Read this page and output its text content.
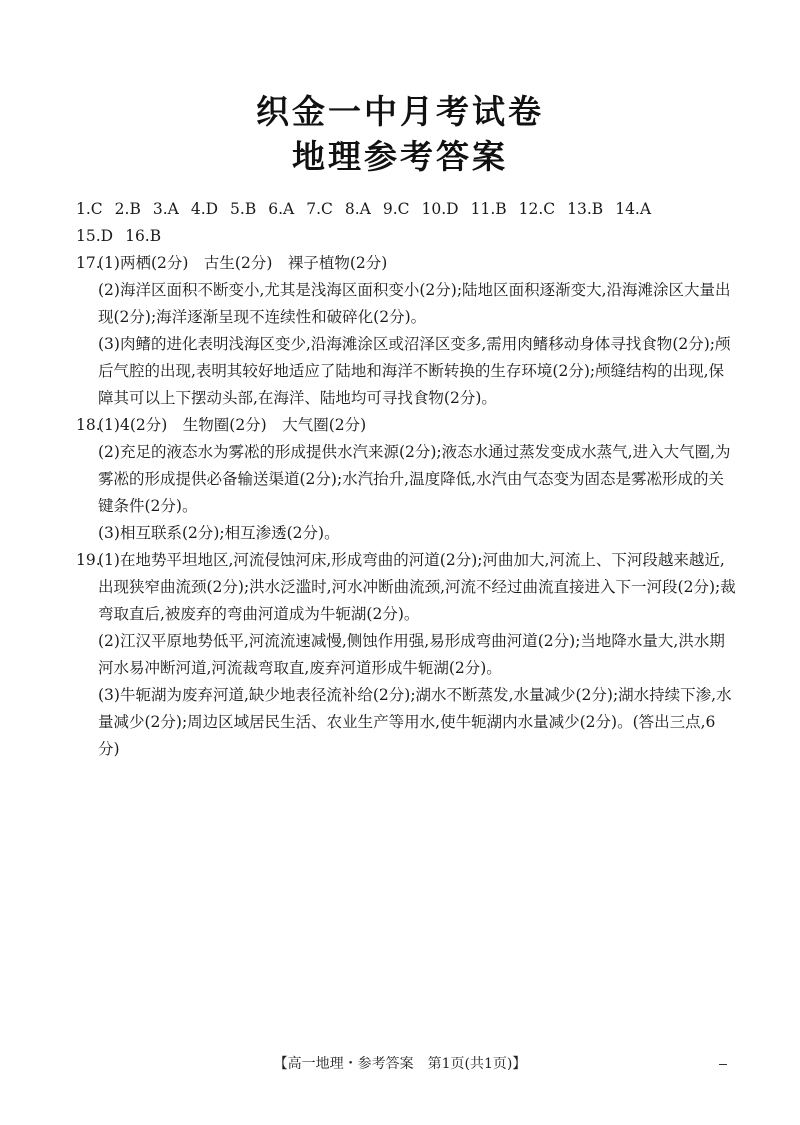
织金一中月考试卷
地理参考答案
1.C 2.B 3.A 4.D 5.B 6.A 7.C 8.A 9.C 10.D 11.B 12.C 13.B 14.A
15.D 16.B
17.(1)两栖(2分)　古生(2分)　裸子植物(2分)
(2)海洋区面积不断变小,尤其是浅海区面积变小(2分);陆地区面积逐渐变大,沿海滩涂区大量出现(2分);海洋逐渐呈现不连续性和破碎化(2分)。
(3)肉鳍的进化表明浅海区变少,沿海滩涂区或沼泽区变多,需用肉鳍移动身体寻找食物(2分);颅后气腔的出现,表明其较好地适应了陆地和海洋不断转换的生存环境(2分);颅缝结构的出现,保障其可以上下摆动头部,在海洋、陆地均可寻找食物(2分)。
18.(1)4(2分)　生物圈(2分)　大气圈(2分)
(2)充足的液态水为雾凇的形成提供水汽来源(2分);液态水通过蒸发变成水蒸气,进入大气圈,为雾凇的形成提供必备输送渠道(2分);水汽抬升,温度降低,水汽由气态变为固态是雾凇形成的关键条件(2分)。
(3)相互联系(2分);相互渗透(2分)。
19.(1)在地势平坦地区,河流侵蚀河床,形成弯曲的河道(2分);河曲加大,河流上、下河段越来越近,出现狭窄曲流颈(2分);洪水泛滥时,河水冲断曲流颈,河流不经过曲流直接进入下一河段(2分);裁弯取直后,被废弃的弯曲河道成为牛轭湖(2分)。
(2)江汉平原地势低平,河流流速减慢,侧蚀作用强,易形成弯曲河道(2分);当地降水量大,洪水期河水易冲断河道,河流裁弯取直,废弃河道形成牛轭湖(2分)。
(3)牛轭湖为废弃河道,缺少地表径流补给(2分);湖水不断蒸发,水量减少(2分);湖水持续下渗,水量减少(2分);周边区域居民生活、农业生产等用水,使牛轭湖内水量减少(2分)。(答出三点,6分)
【高一地理・参考答案　第1页(共1页)】
